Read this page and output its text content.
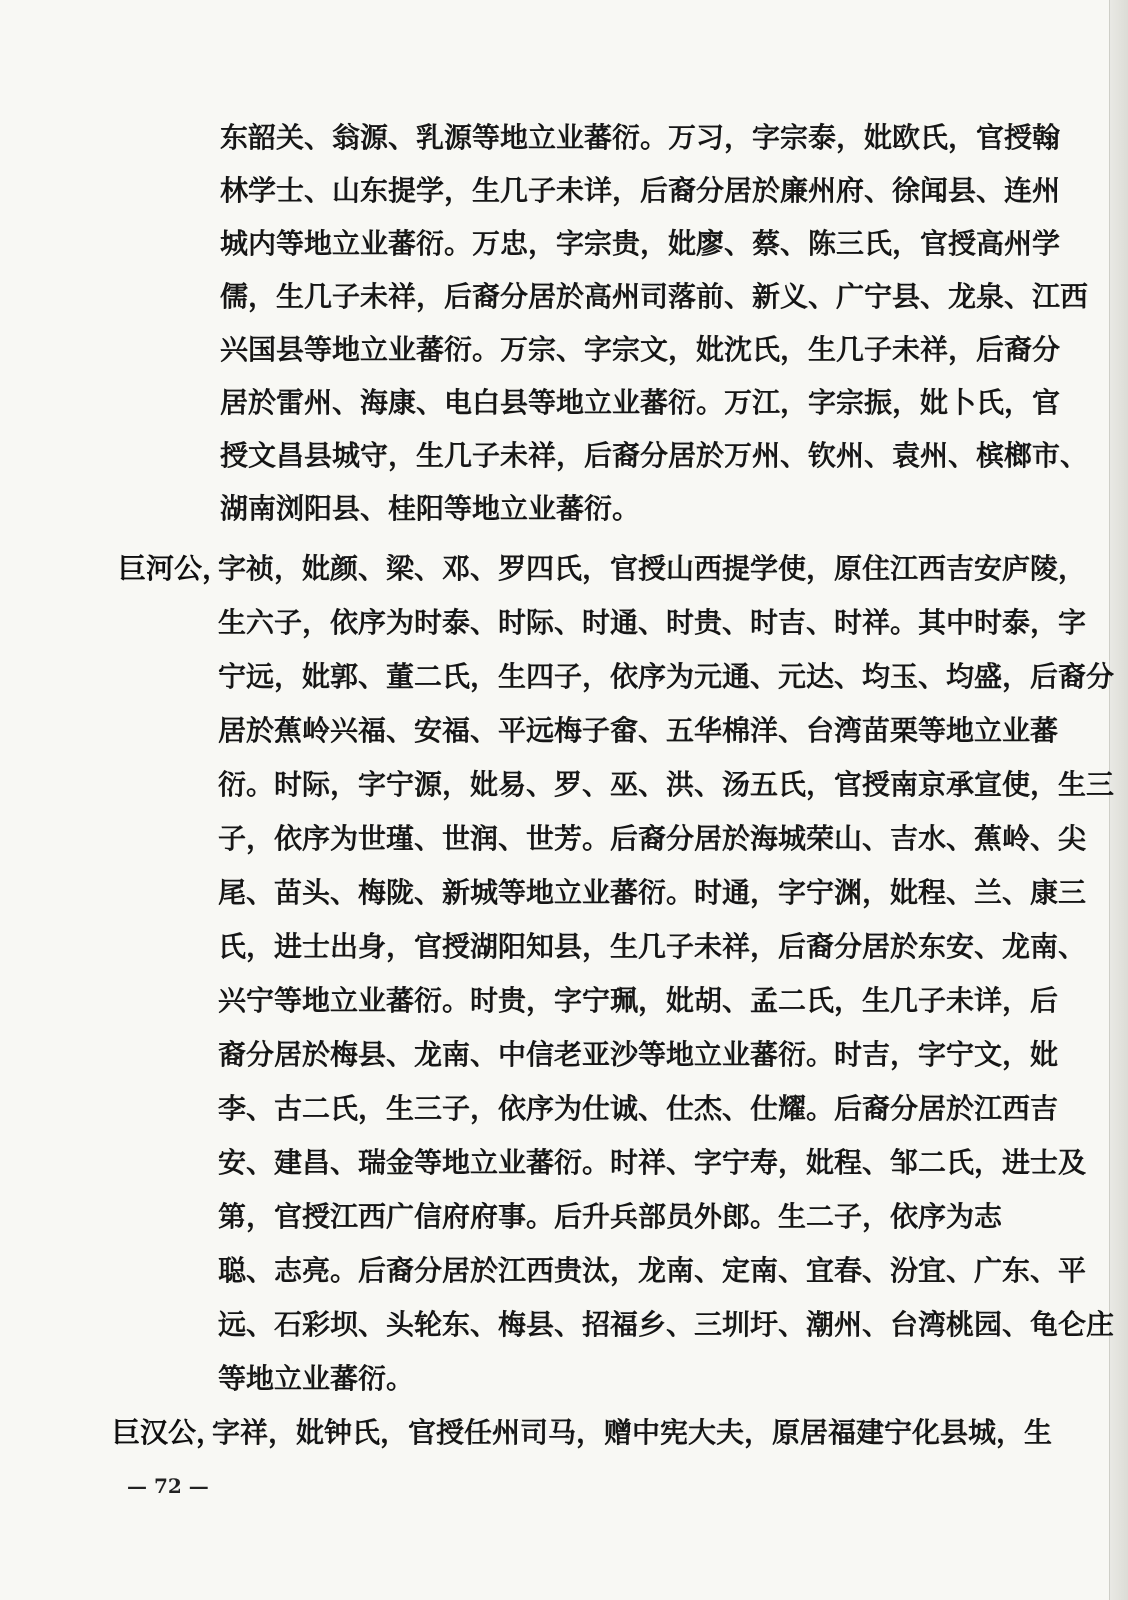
东韶关、翁源、乳源等地立业蕃衍。万习，字宗泰，妣欧氏，官授翰
林学士、山东提学，生几子未详，后裔分居於廉州府、徐闻县、连州
城内等地立业蕃衍。万忠，字宗贵，妣廖、蔡、陈三氏，官授高州学
儒，生几子未祥，后裔分居於高州司落前、新义、广宁县、龙泉、江西
兴国县等地立业蕃衍。万宗、字宗文，妣沈氏，生几子未祥，后裔分
居於雷州、海康、电白县等地立业蕃衍。万江，字宗振，妣卜氏，官
授文昌县城守，生几子未祥，后裔分居於万州、钦州、袁州、槟榔市、
湖南浏阳县、桂阳等地立业蕃衍。
巨河公，
字祯，妣颜、梁、邓、罗四氏，官授山西提学使，原住江西吉安庐陵，
生六子，依序为时泰、时际、时通、时贵、时吉、时祥。其中时泰，字
宁远，妣郭、董二氏，生四子，依序为元通、元达、均玉、均盛，后裔分
居於蕉岭兴福、安福、平远梅子畲、五华棉洋、台湾苗栗等地立业蕃
衍。时际，字宁源，妣易、罗、巫、洪、汤五氏，官授南京承宣使，生三
子，依序为世瑾、世润、世芳。后裔分居於海城荣山、吉水、蕉岭、尖
尾、苗头、梅陇、新城等地立业蕃衍。时通，字宁渊，妣程、兰、康三
氏，进士出身，官授湖阳知县，生几子未祥，后裔分居於东安、龙南、
兴宁等地立业蕃衍。时贵，字宁珮，妣胡、孟二氏，生几子未详，后
裔分居於梅县、龙南、中信老亚沙等地立业蕃衍。时吉，字宁文，妣
李、古二氏，生三子，依序为仕诚、仕杰、仕耀。后裔分居於江西吉
安、建昌、瑞金等地立业蕃衍。时祥、字宁寿，妣程、邹二氏，进士及
第，官授江西广信府府事。后升兵部员外郎。生二子，依序为志
聪、志亮。后裔分居於江西贵汰，龙南、定南、宜春、汾宜、广东、平
远、石彩坝、头轮东、梅县、招福乡、三圳圩、潮州、台湾桃园、龟仑庄
等地立业蕃衍。
巨汉公，
字祥，妣钟氏，官授任州司马，赠中宪大夫，原居福建宁化县城，生
— 72 —
